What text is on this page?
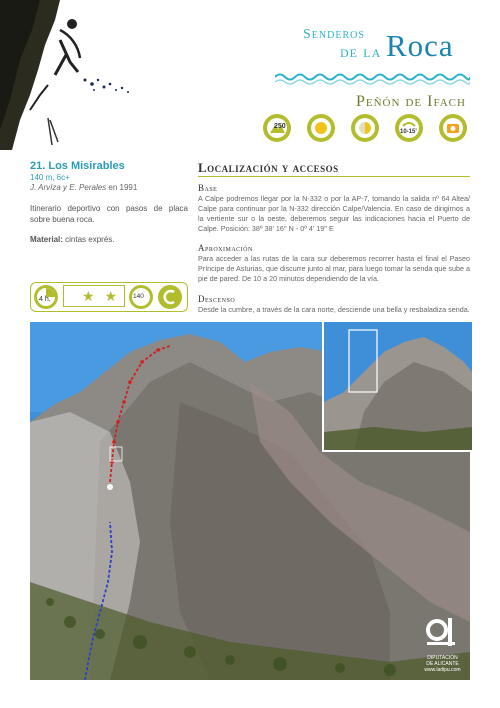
Senderos
de la Roca
Peñón de Ifach
250
10-15'
21. Los Misirables
140 m, 6c+
J. Arvíza y E. Perales en 1991
Itinerario deportivo con pasos de placa sobre buena roca.
Material: cintas exprés.
4 h. ★ ★ 140
Localización y accesos
Base
A Calpe podremos llegar por la N-332 o por la AP-7, tomando la salida nº 64 Altea/ Calpe para continuar por la N-332 dirección Calpe/Valencia. En caso de dirigirnos a la vertiente sur o la oeste, deberemos seguir las indicaciones hacia el Puerto de Calpe. Posición: 38º 38' 16'' N - 0º 4' 19'' E
Aproximación
Para acceder a las rutas de la cara sur deberemos recorrer hasta el final el Paseo Príncipe de Asturias, que discurre junto al mar, para luego tomar la senda que sube a pie de pared. De 10 a 20 minutos dependiendo de la vía.
Descenso
Desde la cumbre, a través de la cara norte, desciende una bella y resbaladiza senda.
DIPUTACIÓN
DE ALICANTE
www.ladipu.com
